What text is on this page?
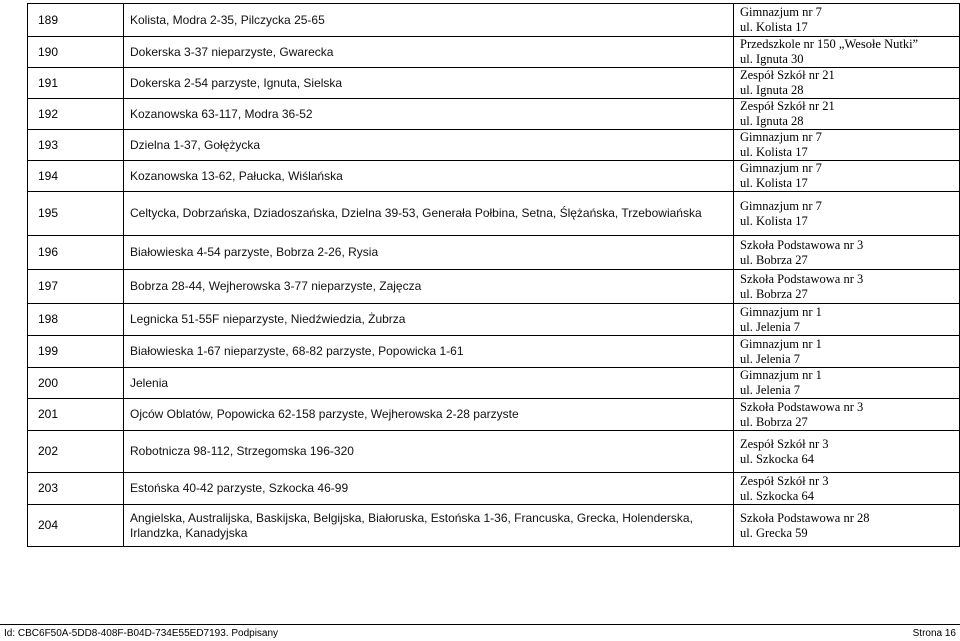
189	Kolista, Modra 2-35, Pilczycka 25-65	Gimnazjum nr 7
ul. Kolista 17

190	Dokerska 3-37 nieparzyste, Gwarecka	Przedszkole nr 150 „Wesołe Nutki”
ul. Ignuta 30

191	Dokerska 2-54 parzyste, Ignuta, Sielska	Zespół Szkół nr 21
ul. Ignuta 28

192	Kozanowska 63-117, Modra 36-52	Zespół Szkół nr 21
ul. Ignuta 28

193	Dzielna 1-37, Gołężycka	Gimnazjum nr 7
ul. Kolista 17

194	Kozanowska 13-62, Pałucka, Wiślańska	Gimnazjum nr 7
ul. Kolista 17

195	Celtycka, Dobrzańska, Dziadoszańska, Dzielna 39-53, Generała Połbina, Setna, Ślężańska, Trzebowiańska	Gimnazjum nr 7
ul. Kolista 17

196	Białowieska 4-54 parzyste, Bobrza 2-26, Rysia	Szkoła Podstawowa nr 3
ul. Bobrza 27

197	Bobrza 28-44, Wejherowska 3-77 nieparzyste, Zajęcza	Szkoła Podstawowa nr 3
ul. Bobrza 27

198	Legnicka 51-55F nieparzyste, Niedźwiedzia, Żubrza	Gimnazjum nr 1
ul. Jelenia 7

199	Białowieska 1-67 nieparzyste, 68-82 parzyste, Popowicka 1-61	Gimnazjum nr 1
ul. Jelenia 7

200	Jelenia	Gimnazjum nr 1
ul. Jelenia 7

201	Ojców Oblatów, Popowicka 62-158 parzyste, Wejherowska 2-28 parzyste	Szkoła Podstawowa nr 3
ul. Bobrza 27

202	Robotnicza 98-112, Strzegomska 196-320	Zespół Szkół nr 3
ul. Szkocka 64

203	Estońska 40-42 parzyste, Szkocka 46-99	Zespół Szkół nr 3
ul. Szkocka 64

204	Angielska, Australijska, Baskijska, Belgijska, Białoruska, Estońska 1-36, Francuska, Grecka, Holenderska, Irlandzka, Kanadyjska	Szkoła Podstawowa nr 28
ul. Grecka 59
Id: CBC6F50A-5DD8-408F-B04D-734E55ED7193. Podpisany	Strona 16
